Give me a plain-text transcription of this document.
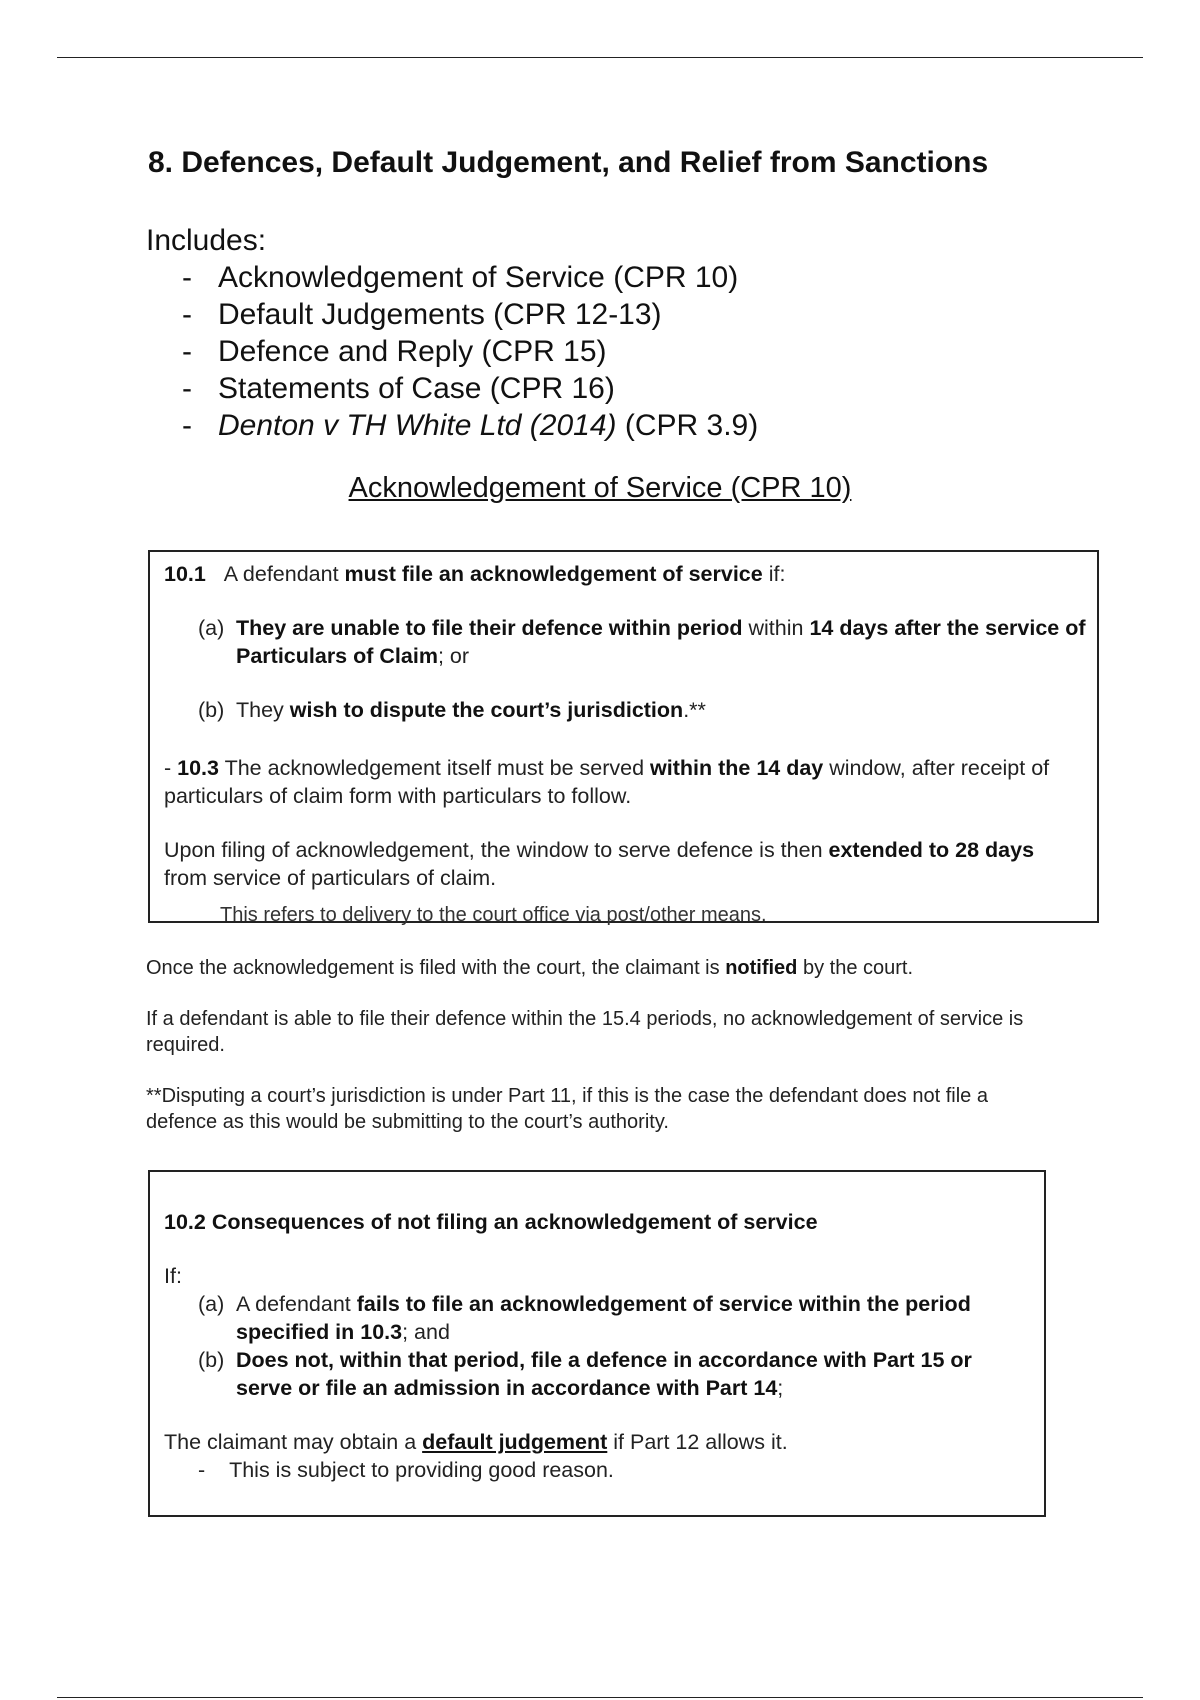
8. Defences, Default Judgement, and Relief from Sanctions
Includes:
- Acknowledgement of Service (CPR 10)
- Default Judgements (CPR 12-13)
- Defence and Reply (CPR 15)
- Statements of Case (CPR 16)
- Denton v TH White Ltd (2014) (CPR 3.9)
Acknowledgement of Service (CPR 10)

10.1 A defendant must file an acknowledgement of service if:

(a) They are unable to file their defence within period within 14 days after the service of Particulars of Claim; or

(b) They wish to dispute the court’s jurisdiction.**

- 10.3 The acknowledgement itself must be served within the 14 day window, after receipt of particulars of claim form with particulars to follow.

Upon filing of acknowledgement, the window to serve defence is then extended to 28 days from service of particulars of claim.

This refers to delivery to the court office via post/other means.

Once the acknowledgement is filed with the court, the claimant is notified by the court.

If a defendant is able to file their defence within the 15.4 periods, no acknowledgement of service is required.

**Disputing a court’s jurisdiction is under Part 11, if this is the case the defendant does not file a defence as this would be submitting to the court’s authority.

10.2 Consequences of not filing an acknowledgement of service

If:

(a) A defendant fails to file an acknowledgement of service within the period specified in 10.3; and

(b) Does not, within that period, file a defence in accordance with Part 15 or serve or file an admission in accordance with Part 14;

The claimant may obtain a default judgement if Part 12 allows it.

- This is subject to providing good reason.
